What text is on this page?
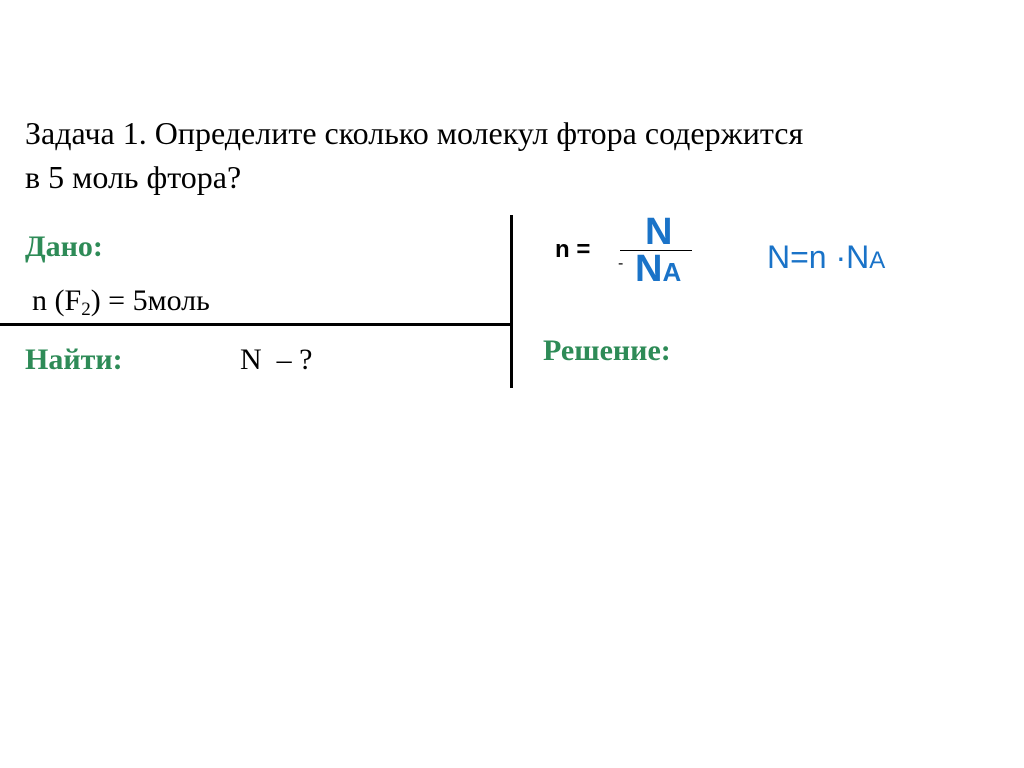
Задача 1. Определите сколько молекул фтора содержится
в 5 моль фтора?
Дано:
n $(F_2)$ = 5моль
Найти:	N  – ?
n =
-
N
NA	N=n ·NA
Решение:
